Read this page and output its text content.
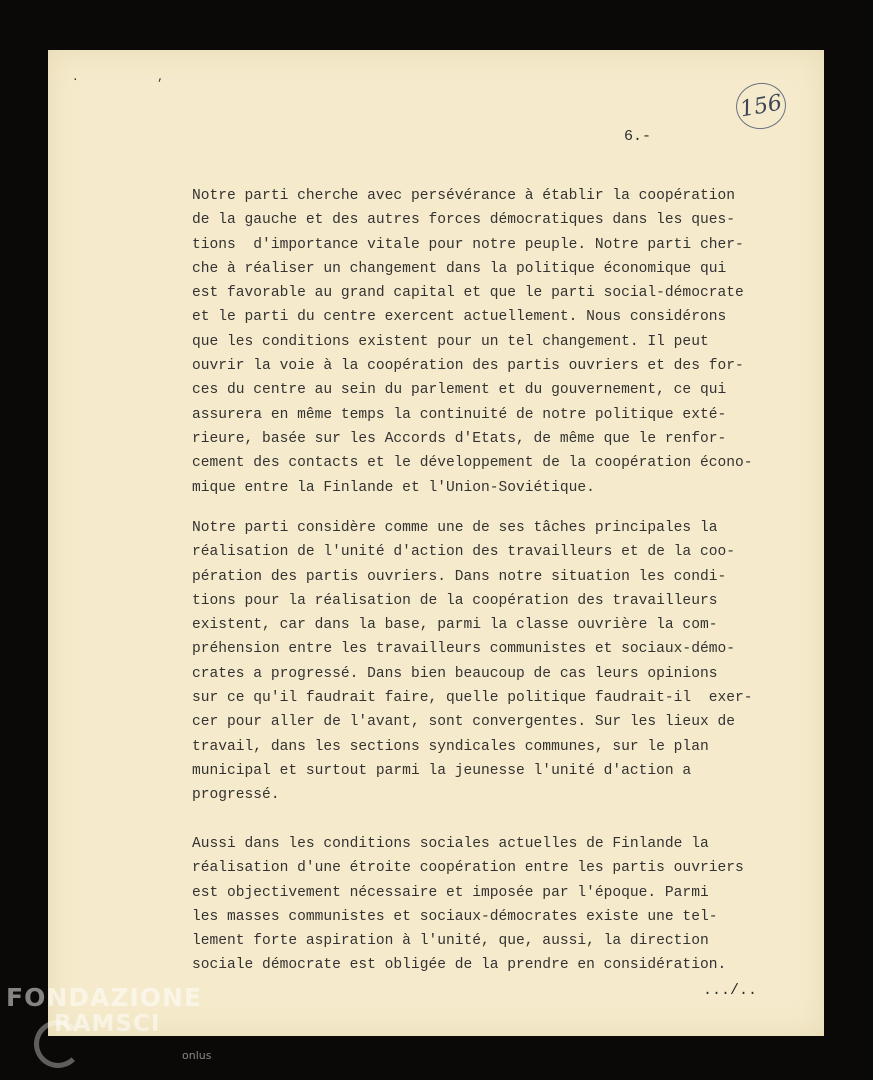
. ,
156
6.-

Notre parti cherche avec persévérance à établir la coopération
de la gauche et des autres forces démocratiques dans les ques-
tions  d'importance vitale pour notre peuple. Notre parti cher-
che à réaliser un changement dans la politique économique qui
est favorable au grand capital et que le parti social-démocrate
et le parti du centre exercent actuellement. Nous considérons
que les conditions existent pour un tel changement. Il peut
ouvrir la voie à la coopération des partis ouvriers et des for-
ces du centre au sein du parlement et du gouvernement, ce qui
assurera en même temps la continuité de notre politique exté-
rieure, basée sur les Accords d'Etats, de même que le renfor-
cement des contacts et le développement de la coopération écono-
mique entre la Finlande et l'Union-Soviétique.

Notre parti considère comme une de ses tâches principales la
réalisation de l'unité d'action des travailleurs et de la coo-
pération des partis ouvriers. Dans notre situation les condi-
tions pour la réalisation de la coopération des travailleurs
existent, car dans la base, parmi la classe ouvrière la com-
préhension entre les travailleurs communistes et sociaux-démo-
crates a progressé. Dans bien beaucoup de cas leurs opinions
sur ce qu'il faudrait faire, quelle politique faudrait-il  exer-
cer pour aller de l'avant, sont convergentes. Sur les lieux de
travail, dans les sections syndicales communes, sur le plan
municipal et surtout parmi la jeunesse l'unité d'action a
progressé.

Aussi dans les conditions sociales actuelles de Finlande la
réalisation d'une étroite coopération entre les partis ouvriers
est objectivement nécessaire et imposée par l'époque. Parmi
les masses communistes et sociaux-démocrates existe une tel-
lement forte aspiration à l'unité, que, aussi, la direction
sociale démocrate est obligée de la prendre en considération.

.../..
FONDAZIONE
RAMSCI
onlus
